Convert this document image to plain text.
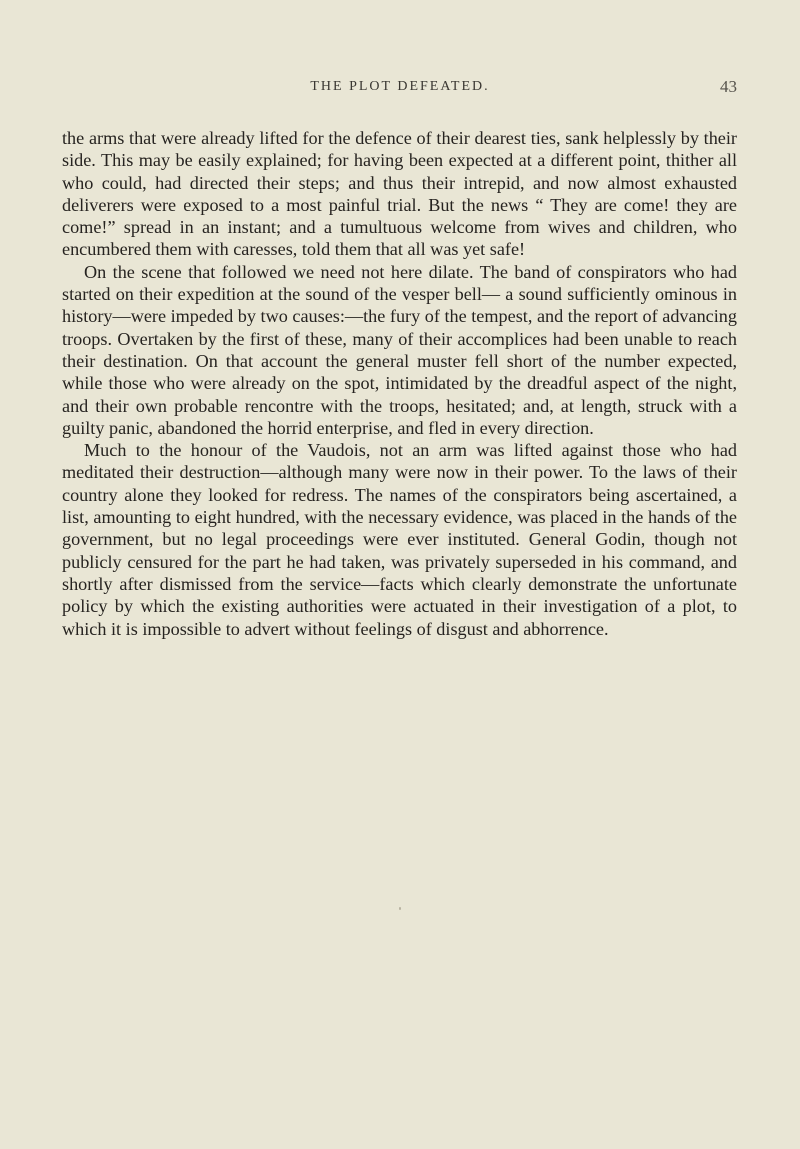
THE PLOT DEFEATED.	43

the arms that were already lifted for the defence of their dearest ties, sank helplessly by their side. This may be easily explained; for having been expected at a different point, thither all who could, had directed their steps; and thus their intrepid, and now almost exhausted deliverers were exposed to a most painful trial. But the news “ They are come! they are come!” spread in an instant; and a tumultuous welcome from wives and children, who encumbered them with caresses, told them that all was yet safe!

On the scene that followed we need not here dilate. The band of conspirators who had started on their expedition at the sound of the vesper bell— a sound sufficiently ominous in history—were impeded by two causes:—the fury of the tempest, and the report of advancing troops. Overtaken by the first of these, many of their accomplices had been unable to reach their destination. On that account the general muster fell short of the number expected, while those who were already on the spot, intimidated by the dreadful aspect of the night, and their own probable rencontre with the troops, hesitated; and, at length, struck with a guilty panic, abandoned the horrid enterprise, and fled in every direction.

Much to the honour of the Vaudois, not an arm was lifted against those who had meditated their destruction—although many were now in their power. To the laws of their country alone they looked for redress. The names of the conspirators being ascertained, a list, amounting to eight hundred, with the necessary evidence, was placed in the hands of the government, but no legal proceedings were ever instituted. General Godin, though not publicly censured for the part he had taken, was privately superseded in his command, and shortly after dismissed from the service—facts which clearly demonstrate the unfortunate policy by which the existing authorities were actuated in their investigation of a plot, to which it is impossible to advert without feelings of disgust and abhorrence.
